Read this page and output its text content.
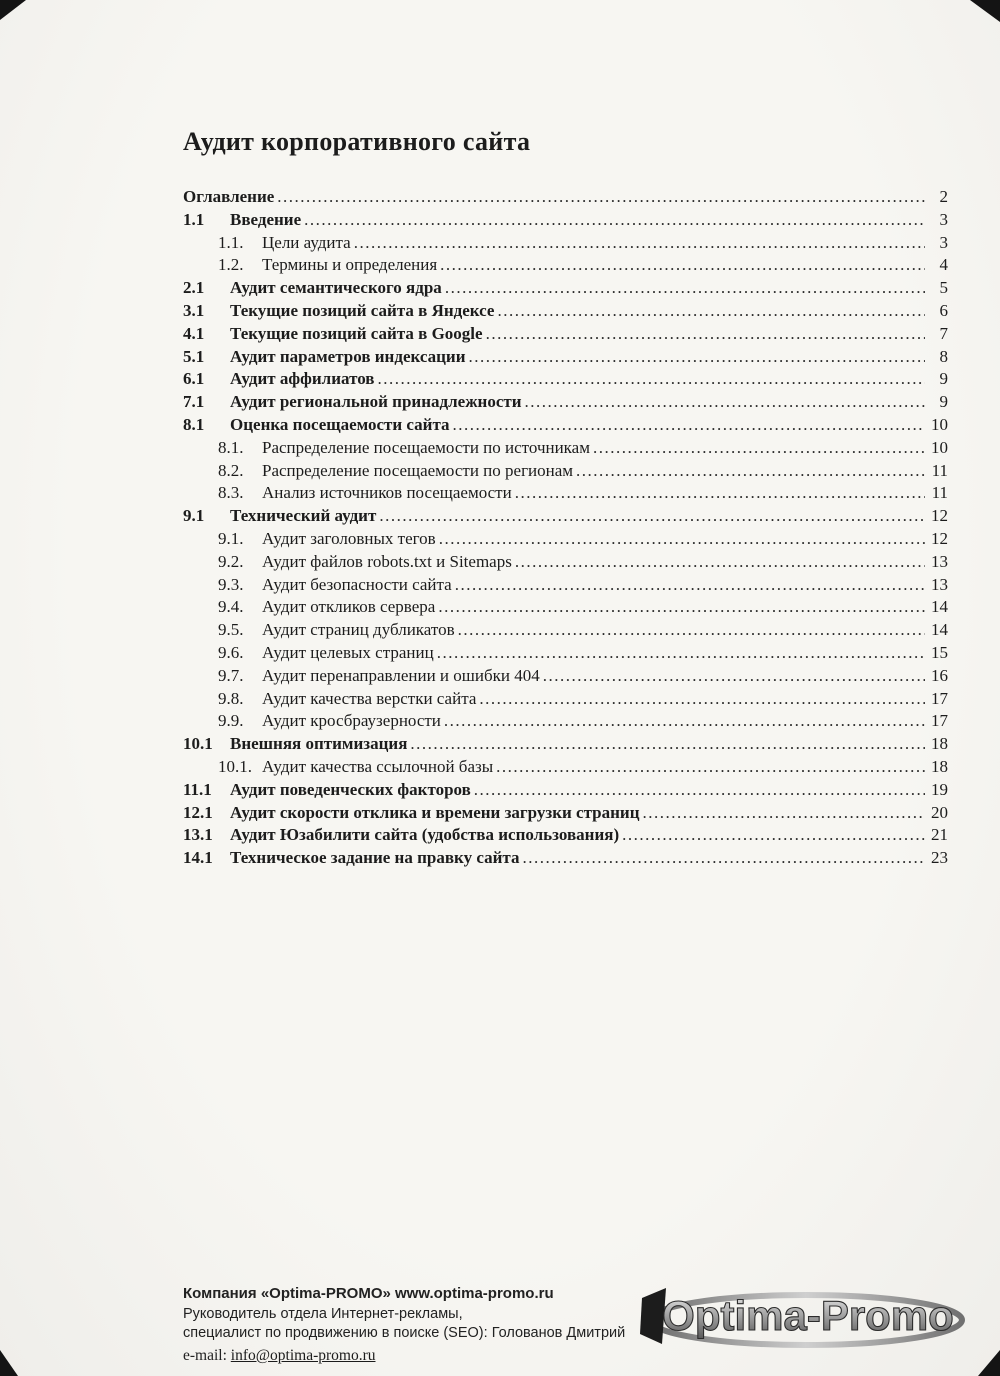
Аудит корпоративного сайта
Оглавление .....	2
1.1	Введение .....	3
1.1.	Цели аудита .....	3
1.2.	Термины и определения .....	4
2.1	Аудит семантического ядра .....	5
3.1	Текущие позиций сайта в Яндексе .....	6
4.1	Текущие позиций сайта в Google .....	7
5.1	Аудит параметров индексации .....	8
6.1	Аудит аффилиатов .....	9
7.1	Аудит региональной принадлежности .....	9
8.1	Оценка посещаемости сайта .....	10
8.1.	Распределение посещаемости по источникам .....	10
8.2.	Распределение посещаемости по регионам .....	11
8.3.	Анализ источников посещаемости .....	11
9.1	Технический аудит .....	12
9.1.	Аудит заголовных тегов .....	12
9.2.	Аудит файлов robots.txt и Sitemaps .....	13
9.3.	Аудит безопасности сайта .....	13
9.4.	Аудит откликов сервера .....	14
9.5.	Аудит страниц дубликатов .....	14
9.6.	Аудит целевых страниц .....	15
9.7.	Аудит перенаправлении и ошибки 404 .....	16
9.8.	Аудит качества верстки сайта .....	17
9.9.	Аудит кросбраузерности .....	17
10.1	Внешняя оптимизация .....	18
10.1. Аудит качества ссылочной базы .....	18
11.1	Аудит поведенческих факторов .....	19
12.1	Аудит скорости отклика и времени загрузки страниц .....	20
13.1	Аудит Юзабилити сайта (удобства использования) .....	21
14.1	Техническое задание на правку сайта .....	23
Компания «Optima-PROMO» www.optima-promo.ru
Руководитель отдела Интернет-рекламы,
специалист по продвижению в поиске (SEO): Голованов Дмитрий
e-mail: info@optima-promo.ru
Optima-Promo
